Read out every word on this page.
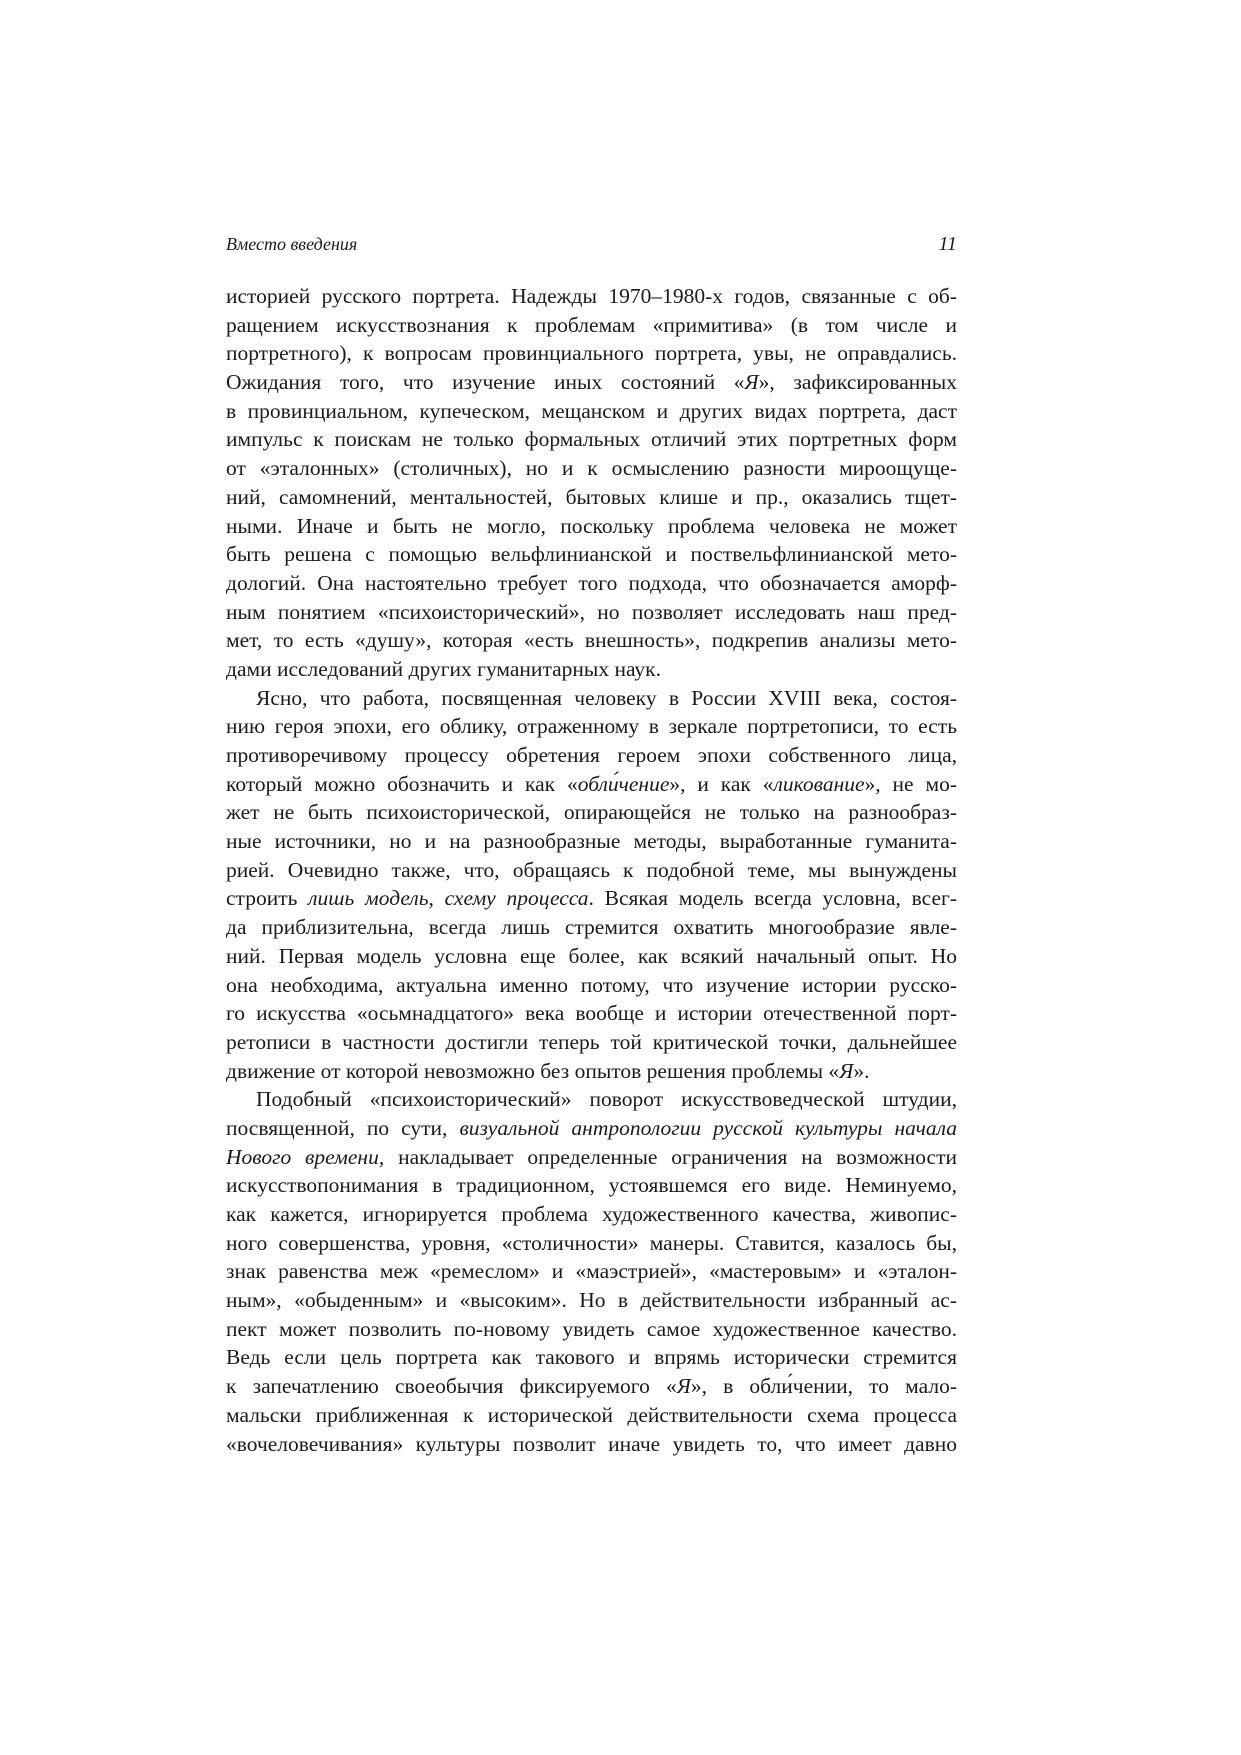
Вместо введения	11
историей русского портрета. Надежды 1970–1980-х годов, связанные с об-
ращением искусствознания к проблемам «примитива» (в том числе и
портретного), к вопросам провинциального портрета, увы, не оправдались.
Ожидания того, что изучение иных состояний «Я», зафиксированных
в провинциальном, купеческом, мещанском и других видах портрета, даст
импульс к поискам не только формальных отличий этих портретных форм
от «эталонных» (столичных), но и к осмыслению разности мироощуще-
ний, самомнений, ментальностей, бытовых клише и пр., оказались тщет-
ными. Иначе и быть не могло, поскольку проблема человека не может
быть решена с помощью вельфлинианской и поствельфлинианской мето-
дологий. Она настоятельно требует того подхода, что обозначается аморф-
ным понятием «психоисторический», но позволяет исследовать наш пред-
мет, то есть «душу», которая «есть внешность», подкрепив анализы мето-
дами исследований других гуманитарных наук.
Ясно, что работа, посвященная человеку в России XVIII века, состоя-
нию героя эпохи, его облику, отраженному в зеркале портретописи, то есть
противоречивому процессу обретения героем эпохи собственного лица,
который можно обозначить и как «обли́чение», и как «ликование», не мо-
жет не быть психоисторической, опирающейся не только на разнообраз-
ные источники, но и на разнообразные методы, выработанные гуманита-
рией. Очевидно также, что, обращаясь к подобной теме, мы вынуждены
строить лишь модель, схему процесса. Всякая модель всегда условна, всег-
да приблизительна, всегда лишь стремится охватить многообразие явле-
ний. Первая модель условна еще более, как всякий начальный опыт. Но
она необходима, актуальна именно потому, что изучение истории русско-
го искусства «осьмнадцатого» века вообще и истории отечественной порт-
ретописи в частности достигли теперь той критической точки, дальнейшее
движение от которой невозможно без опытов решения проблемы «Я».
Подобный «психоисторический» поворот искусствоведческой штудии,
посвященной, по сути, визуальной антропологии русской культуры начала
Нового времени, накладывает определенные ограничения на возможности
искусствопонимания в традиционном, устоявшемся его виде. Неминуемо,
как кажется, игнорируется проблема художественного качества, живопис-
ного совершенства, уровня, «столичности» манеры. Ставится, казалось бы,
знак равенства меж «ремеслом» и «маэстрией», «мастеровым» и «эталон-
ным», «обыденным» и «высоким». Но в действительности избранный ас-
пект может позволить по-новому увидеть самое художественное качество.
Ведь если цель портрета как такового и впрямь исторически стремится
к запечатлению своеобычия фиксируемого «Я», в обли́чении, то мало-
мальски приближенная к исторической действительности схема процесса
«вочеловечивания» культуры позволит иначе увидеть то, что имеет давно
